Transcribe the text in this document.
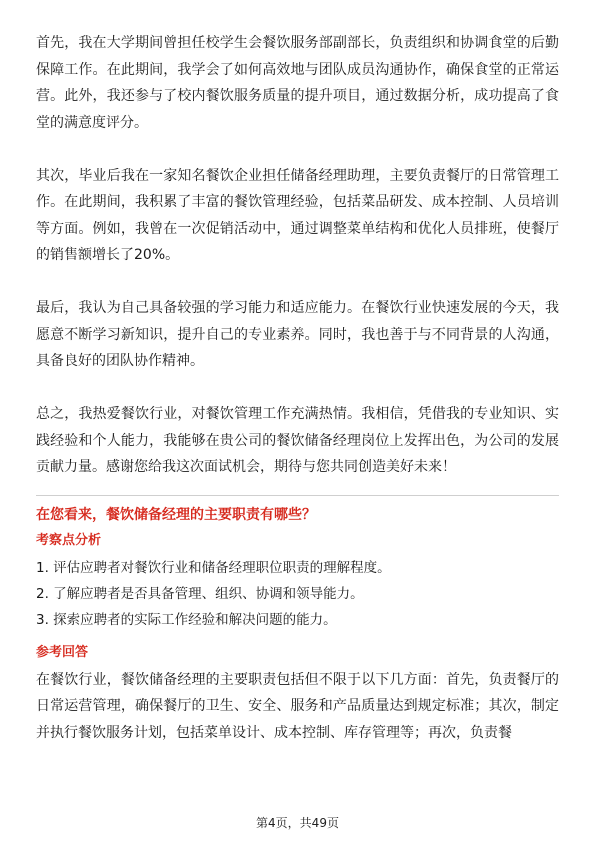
首先，我在大学期间曾担任校学生会餐饮服务部副部长，负责组织和协调食堂的后勤保障工作。在此期间，我学会了如何高效地与团队成员沟通协作，确保食堂的正常运营。此外，我还参与了校内餐饮服务质量的提升项目，通过数据分析，成功提高了食堂的满意度评分。

其次，毕业后我在一家知名餐饮企业担任储备经理助理，主要负责餐厅的日常管理工作。在此期间，我积累了丰富的餐饮管理经验，包括菜品研发、成本控制、人员培训等方面。例如，我曾在一次促销活动中，通过调整菜单结构和优化人员排班，使餐厅的销售额增长了20%。

最后，我认为自己具备较强的学习能力和适应能力。在餐饮行业快速发展的今天，我愿意不断学习新知识，提升自己的专业素养。同时，我也善于与不同背景的人沟通，具备良好的团队协作精神。

总之，我热爱餐饮行业，对餐饮管理工作充满热情。我相信，凭借我的专业知识、实践经验和个人能力，我能够在贵公司的餐饮储备经理岗位上发挥出色，为公司的发展贡献力量。感谢您给我这次面试机会，期待与您共同创造美好未来！

在您看来，餐饮储备经理的主要职责有哪些？
考察点分析
1. 评估应聘者对餐饮行业和储备经理职位职责的理解程度。
2. 了解应聘者是否具备管理、组织、协调和领导能力。
3. 探索应聘者的实际工作经验和解决问题的能力。
参考回答

在餐饮行业，餐饮储备经理的主要职责包括但不限于以下几方面：首先，负责餐厅的日常运营管理，确保餐厅的卫生、安全、服务和产品质量达到规定标准；其次，制定并执行餐饮服务计划，包括菜单设计、成本控制、库存管理等；再次，负责餐

第4页，共49页
